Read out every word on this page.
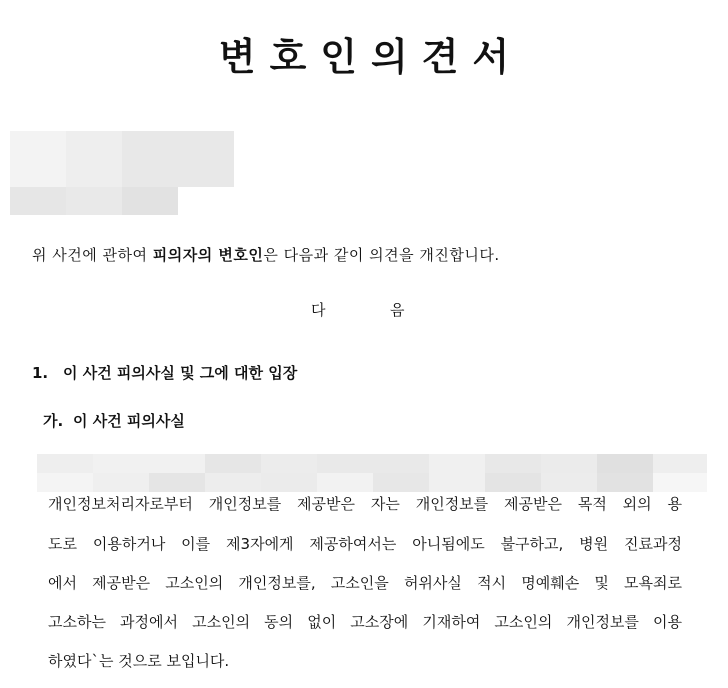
변호인의견서
위 사건에 관하여 피의자의 변호인은 다음과 같이 의견을 개진합니다.
다	음
1. 이 사건 피의사실 및 그에 대한 입장
가. 이 사건 피의사실
개인정보처리자로부터 개인정보를 제공받은 자는 개인정보를 제공받은 목적 외의 용
도로 이용하거나 이를 제3자에게 제공하여서는 아니됨에도 불구하고, 병원 진료과정
에서 제공받은 고소인의 개인정보를, 고소인을 허위사실 적시 명예훼손 및 모욕죄로
고소하는 과정에서 고소인의 동의 없이 고소장에 기재하여 고소인의 개인정보를 이용
하였다`는 것으로 보입니다.
